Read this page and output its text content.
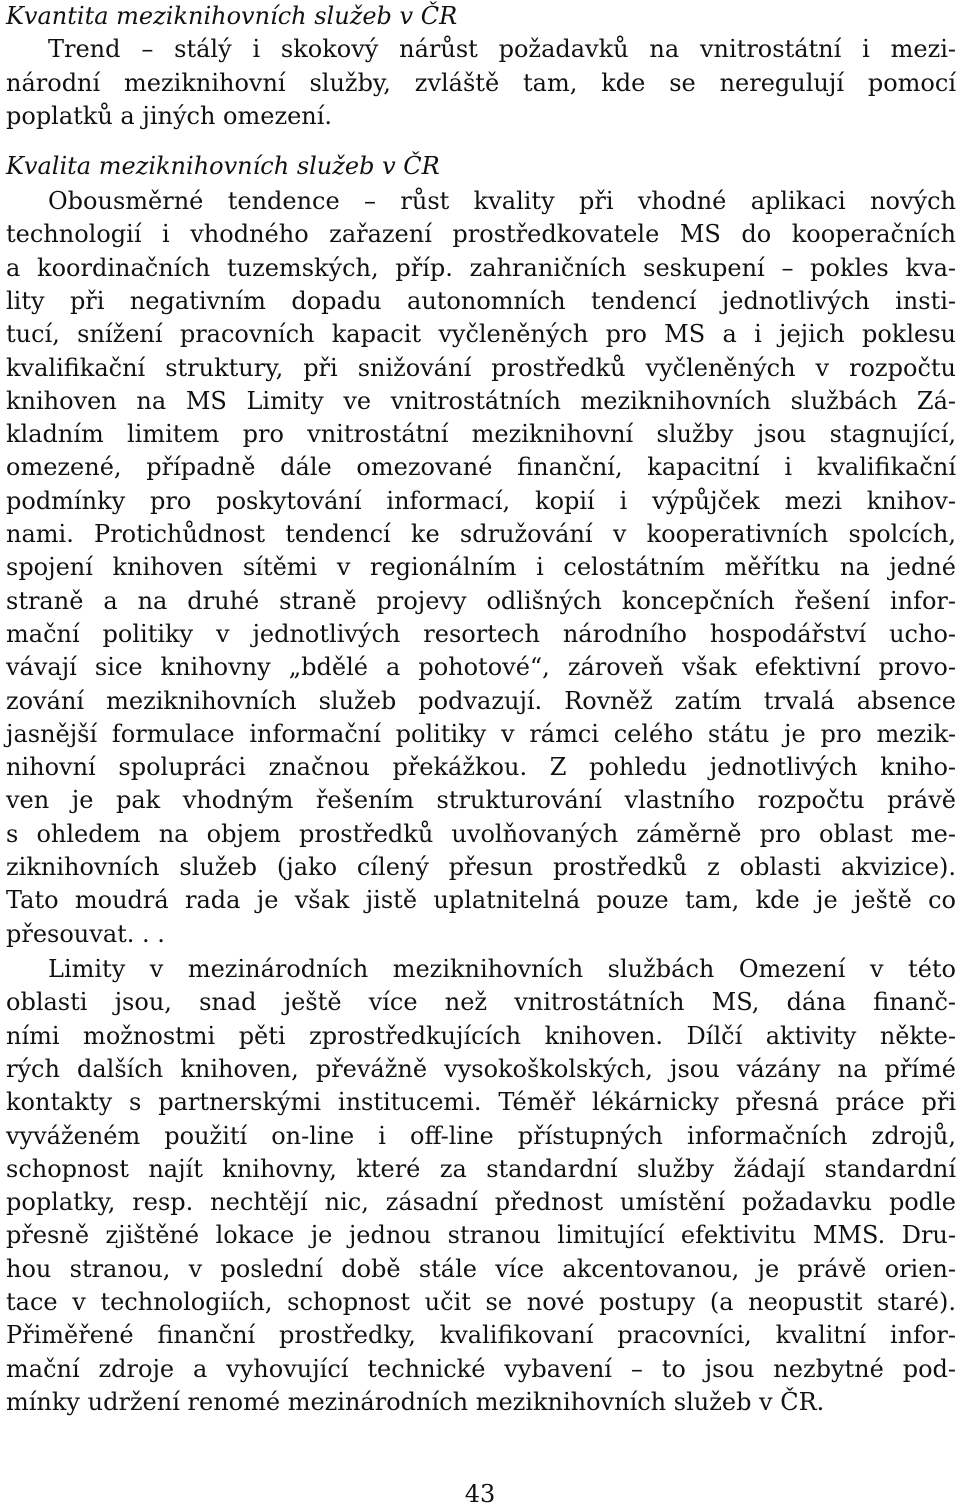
Kvantita meziknihovních služeb v ČR
Trend – stálý i skokový nárůst požadavků na vnitrostátní i mezi-
národní meziknihovní služby, zvláště tam, kde se neregulují pomocí
poplatků a jiných omezení.
Kvalita meziknihovních služeb v ČR
Obousměrné tendence – růst kvality při vhodné aplikaci nových
technologií i vhodného zařazení prostředkovatele MS do kooperačních
a koordinačních tuzemských, příp. zahraničních seskupení – pokles kva-
lity při negativním dopadu autonomních tendencí jednotlivých insti-
tucí, snížení pracovních kapacit vyčleněných pro MS a i jejich poklesu
kvalifikační struktury, při snižování prostředků vyčleněných v rozpočtu
knihoven na MS Limity ve vnitrostátních meziknihovních službách Zá-
kladním limitem pro vnitrostátní meziknihovní služby jsou stagnující,
omezené, případně dále omezované finanční, kapacitní i kvalifikační
podmínky pro poskytování informací, kopií i výpůjček mezi knihov-
nami. Protichůdnost tendencí ke sdružování v kooperativních spolcích,
spojení knihoven sítěmi v regionálním i celostátním měřítku na jedné
straně a na druhé straně projevy odlišných koncepčních řešení infor-
mační politiky v jednotlivých resortech národního hospodářství ucho-
vávají sice knihovny „bdělé a pohotové“, zároveň však efektivní provo-
zování meziknihovních služeb podvazují. Rovněž zatím trvalá absence
jasnější formulace informační politiky v rámci celého státu je pro mezik-
nihovní spolupráci značnou překážkou. Z pohledu jednotlivých kniho-
ven je pak vhodným řešením strukturování vlastního rozpočtu právě
s ohledem na objem prostředků uvolňovaných záměrně pro oblast me-
ziknihovních služeb (jako cílený přesun prostředků z oblasti akvizice).
Tato moudrá rada je však jistě uplatnitelná pouze tam, kde je ještě co
přesouvat. . .
Limity v mezinárodních meziknihovních službách Omezení v této
oblasti jsou, snad ještě více než vnitrostátních MS, dána finanč-
ními možnostmi pěti zprostředkujících knihoven. Dílčí aktivity někte-
rých dalších knihoven, převážně vysokoškolských, jsou vázány na přímé
kontakty s partnerskými institucemi. Téměř lékárnicky přesná práce při
vyváženém použití on-line i off-line přístupných informačních zdrojů,
schopnost najít knihovny, které za standardní služby žádají standardní
poplatky, resp. nechtějí nic, zásadní přednost umístění požadavku podle
přesně zjištěné lokace je jednou stranou limitující efektivitu MMS. Dru-
hou stranou, v poslední době stále více akcentovanou, je právě orien-
tace v technologiích, schopnost učit se nové postupy (a neopustit staré).
Přiměřené finanční prostředky, kvalifikovaní pracovníci, kvalitní infor-
mační zdroje a vyhovující technické vybavení – to jsou nezbytné pod-
mínky udržení renomé mezinárodních meziknihovních služeb v ČR.
43
